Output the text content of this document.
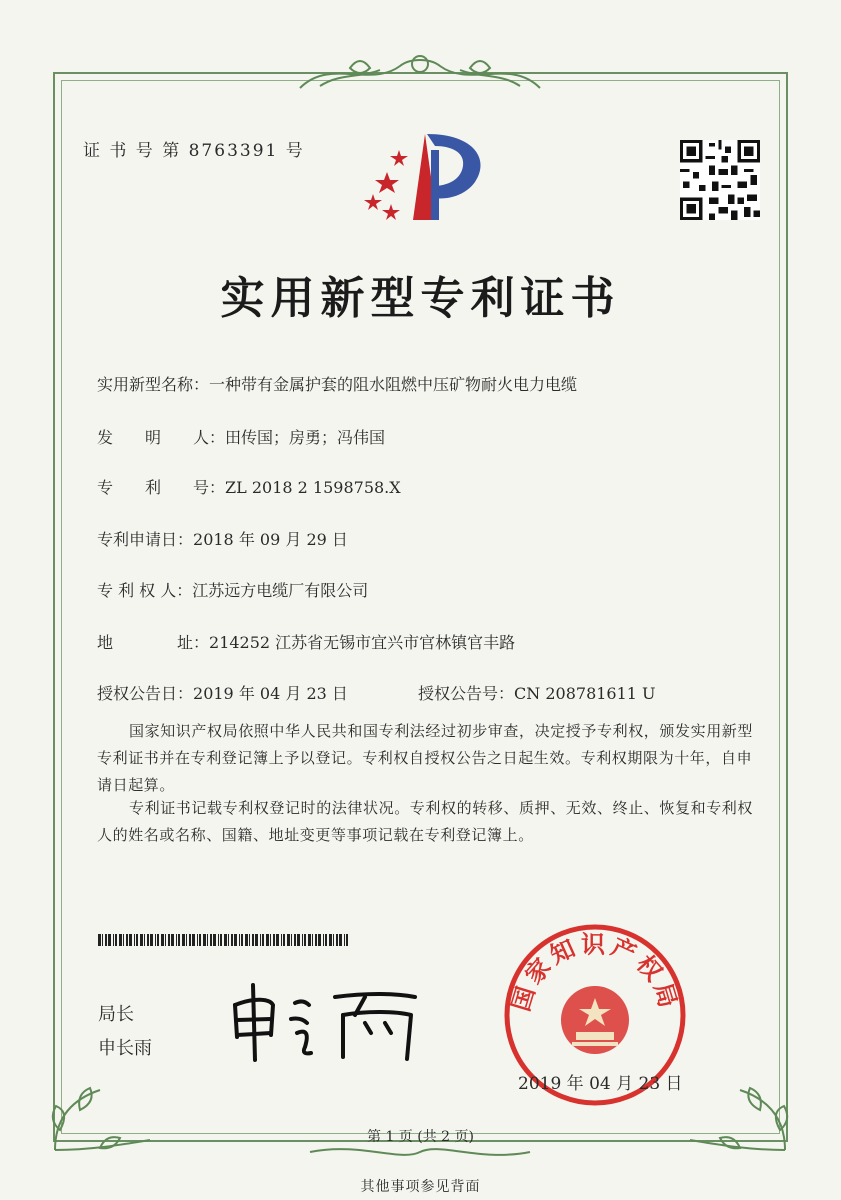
证 书 号 第 8763391 号
实用新型专利证书
实用新型名称：一种带有金属护套的阻水阻燃中压矿物耐火电力电缆
发　　明　　人：田传国；房勇；冯伟国
专　　利　　号：ZL 2018 2 1598758.X
专利申请日：2018 年 09 月 29 日
专 利 权 人：江苏远方电缆厂有限公司
地　　　　址：214252 江苏省无锡市宜兴市官林镇官丰路
授权公告日：2019 年 04 月 23 日	授权公告号：CN 208781611 U
国家知识产权局依照中华人民共和国专利法经过初步审查，决定授予专利权，颁发实用新型专利证书并在专利登记簿上予以登记。专利权自授权公告之日起生效。专利权期限为十年，自申请日起算。
专利证书记载专利权登记时的法律状况。专利权的转移、质押、无效、终止、恢复和专利权人的姓名或名称、国籍、地址变更等事项记载在专利登记簿上。
局长
申长雨
国家知识产权局
2019 年 04 月 23 日
第 1 页 (共 2 页)
其他事项参见背面
